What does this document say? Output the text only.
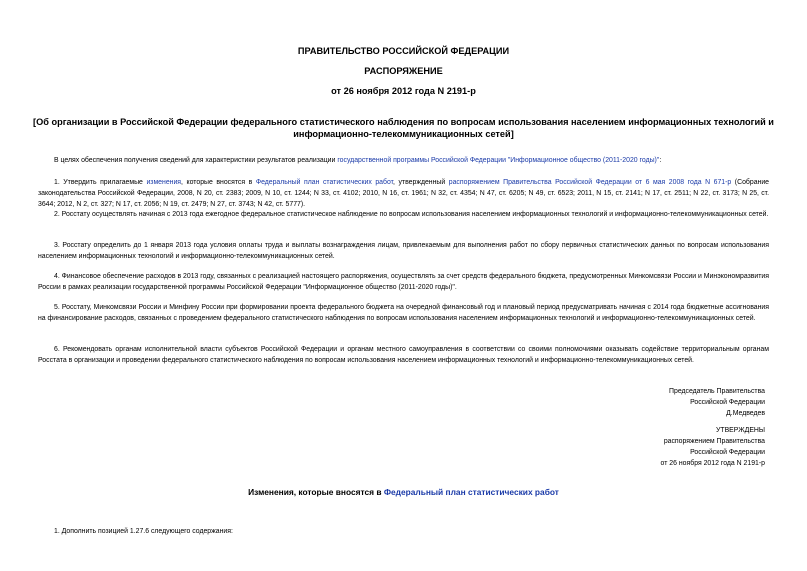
ПРАВИТЕЛЬСТВО РОССИЙСКОЙ ФЕДЕРАЦИИ
РАСПОРЯЖЕНИЕ
от 26 ноября 2012 года N 2191-р
[Об организации в Российской Федерации федерального статистического наблюдения по вопросам использования населением информационных технологий и информационно-телекоммуникационных сетей]
В целях обеспечения получения сведений для характеристики результатов реализации государственной программы Российской Федерации "Информационное общество (2011-2020 годы)":
1. Утвердить прилагаемые изменения, которые вносятся в Федеральный план статистических работ, утвержденный распоряжением Правительства Российской Федерации от 6 мая 2008 года N 671-р (Собрание законодательства Российской Федерации, 2008, N 20, ст. 2383; 2009, N 10, ст. 1244; N 33, ст. 4102; 2010, N 16, ст. 1961; N 32, ст. 4354; N 47, ст. 6205; N 49, ст. 6523; 2011, N 15, ст. 2141; N 17, ст. 2511; N 22, ст. 3173; N 25, ст. 3644; 2012, N 2, ст. 327; N 17, ст. 2056; N 19, ст. 2479; N 27, ст. 3743; N 42, ст. 5777).
2. Росстату осуществлять начиная с 2013 года ежегодное федеральное статистическое наблюдение по вопросам использования населением информационных технологий и информационно-телекоммуникационных сетей.
3. Росстату определить до 1 января 2013 года условия оплаты труда и выплаты вознаграждения лицам, привлекаемым для выполнения работ по сбору первичных статистических данных по вопросам использования населением информационных технологий и информационно-телекоммуникационных сетей.
4. Финансовое обеспечение расходов в 2013 году, связанных с реализацией настоящего распоряжения, осуществлять за счет средств федерального бюджета, предусмотренных Минкомсвязи России и Минэкономразвития России в рамках реализации государственной программы Российской Федерации "Информационное общество (2011-2020 годы)".
5. Росстату, Минкомсвязи России и Минфину России при формировании проекта федерального бюджета на очередной финансовый год и плановый период предусматривать начиная с 2014 года бюджетные ассигнования на финансирование расходов, связанных с проведением федерального статистического наблюдения по вопросам использования населением информационных технологий и информационно-телекоммуникационных сетей.
6. Рекомендовать органам исполнительной власти субъектов Российской Федерации и органам местного самоуправления в соответствии со своими полномочиями оказывать содействие территориальным органам Росстата в организации и проведении федерального статистического наблюдения по вопросам использования населением информационных технологий и информационно-телекоммуникационных сетей.
Председатель Правительства
Российской Федерации
Д.Медведев
УТВЕРЖДЕНЫ
распоряжением Правительства
Российской Федерации
от 26 ноября 2012 года N 2191-р
Изменения, которые вносятся в Федеральный план статистических работ
1. Дополнить позицией 1.27.6 следующего содержания:
